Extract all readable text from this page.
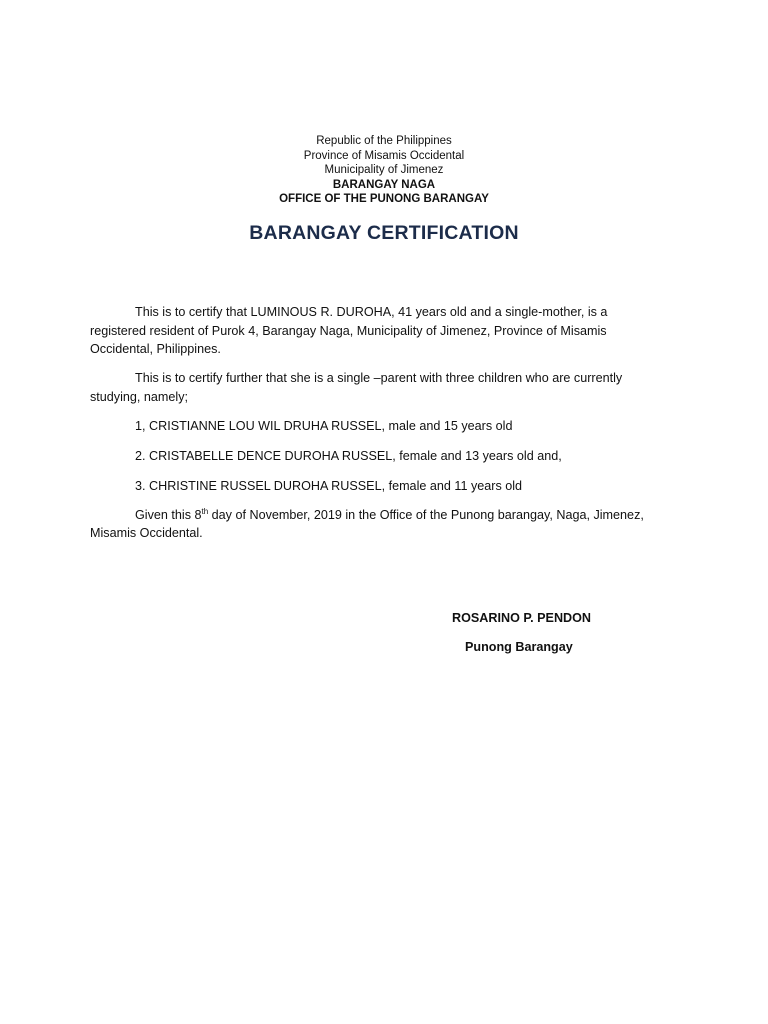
Republic of the Philippines
Province of Misamis Occidental
Municipality of Jimenez
BARANGAY NAGA
OFFICE OF THE PUNONG BARANGAY
BARANGAY CERTIFICATION

This is to certify that LUMINOUS R. DUROHA, 41 years old and a single-mother, is a registered resident of Purok 4, Barangay Naga, Municipality of Jimenez, Province of Misamis Occidental, Philippines.

This is to certify further that she is a single –parent with three children who are currently studying, namely;

1, CRISTIANNE LOU WIL DRUHA RUSSEL, male and 15 years old

2. CRISTABELLE DENCE DUROHA RUSSEL, female and 13 years old and,

3. CHRISTINE RUSSEL DUROHA RUSSEL, female and 11 years old

Given this 8th day of November, 2019 in the Office of the Punong barangay, Naga, Jimenez, Misamis Occidental.

ROSARINO P. PENDON
Punong Barangay
